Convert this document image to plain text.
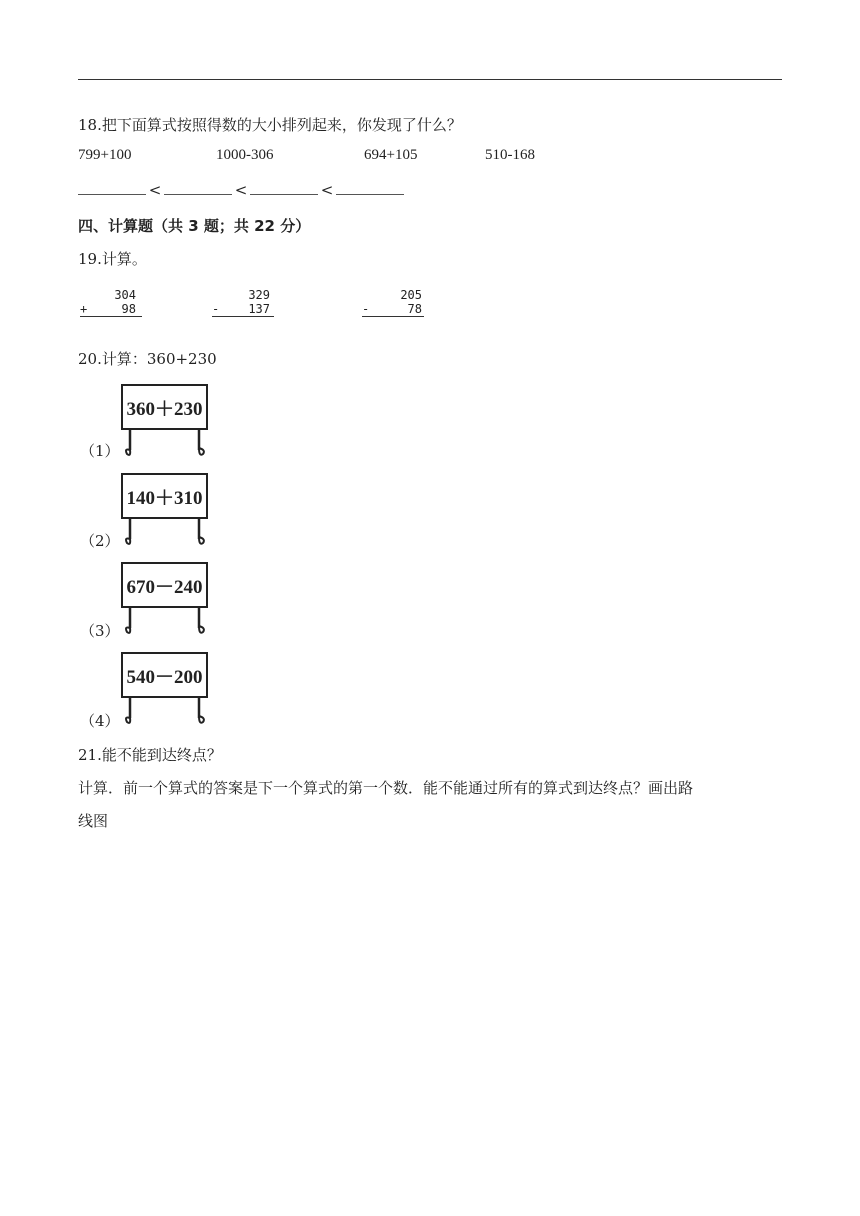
18.把下面算式按照得数的大小排列起来，你发现了什么？
799+100	1000-306	694+105	510-168
<	<	<
四、计算题（共 3 题；共 22 分）
19.计算。
304
+	98
329
- 137
205
-	78
20.计算：360+230
360＋230
（1）
140＋310
（2）
670－240
（3）
540－200
（4）
21.能不能到达终点？
计算．前一个算式的答案是下一个算式的第一个数．能不能通过所有的算式到达终点？画出路
线图
